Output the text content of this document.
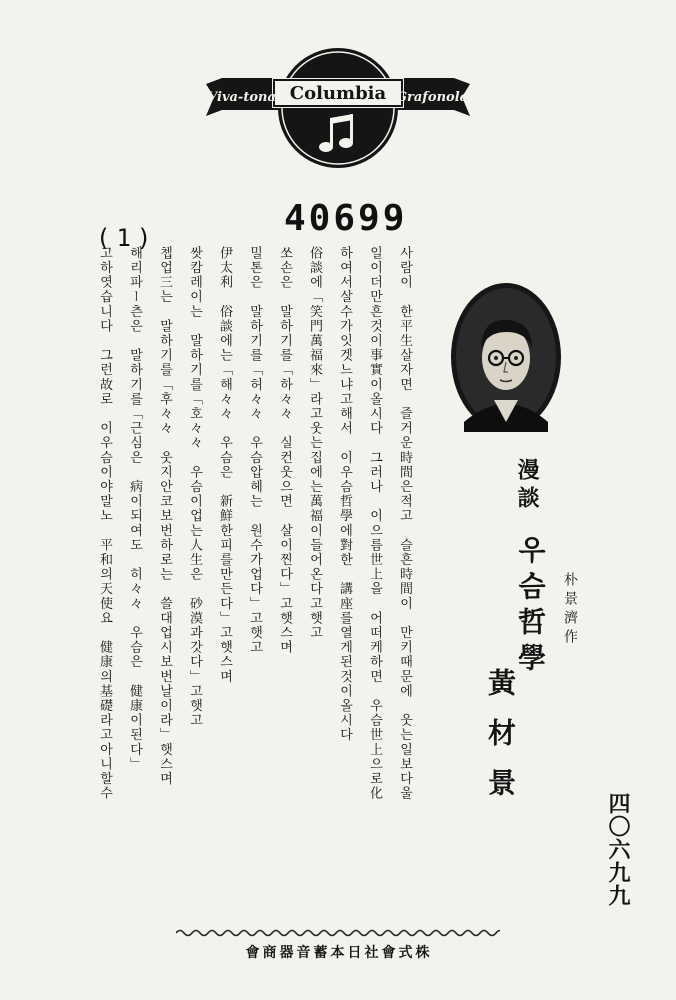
Viva-tonal Columbia Grafonola
(1)	40699
漫談
우슴哲學 朴景濟作
黃材景
四〇六九九
사람이　한平生살자면　즐거운時間은적고　슬흔時間이　만키때문에　웃는일보다울
일이더만흔것이事實이올시다　그러나　이으름世上을　어떠케하면　우슴世上으로化
하여서살수가잇겟느냐고해서　이우슴哲學에對한　講座를열게된것이올시다
俗談에「笑門萬福來」라고웃는집에는萬福이들어온다고햇고
쏘손은　말하기를「하々々　실컨웃으면　살이찐다」고햇스며
밀톤은　말하기를「허々々　우슴압헤는　원수가업다」고햇고
伊太利　俗談에는「해々々　우슴은　新鮮한피를만든다」고햇스며
쌋캄레이는　말하기를「호々々　우슴이업는人生은　砂漠과갓다」고햇고
쳅업三는　말하기를「후々々　웃지안코보번하로는　쓸대업시보번날이라」햇스며
해리파ー츤은　말하기를「근심은　病이되여도　히々々　우슴은　健康이된다」
고하엿습니다　그런故로　이우슴이야말노　平和의天使요　健康의基礎라고아니할수
株式會社日本蓄音器商會
